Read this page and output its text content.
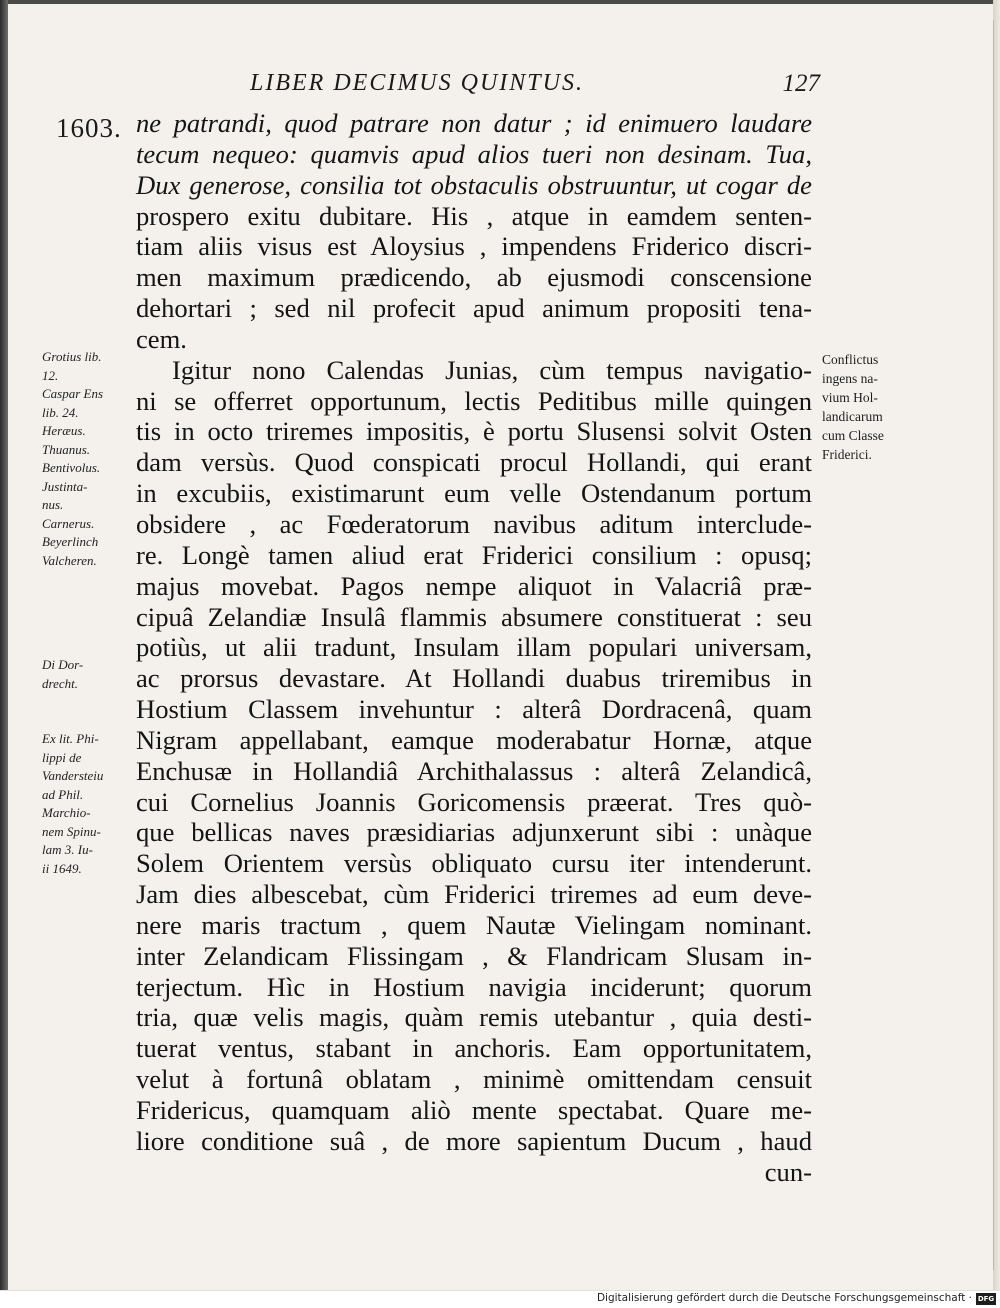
LIBER DECIMUS QUINTUS.	127
1603. ne patrandi, quod patrare non datur ; id enimuero laudare
tecum nequeo: quamvis apud alios tueri non desinam. Tua,
Dux generose, consilia tot obstaculis obstruuntur, ut cogar de
prospero exitu dubitare. His , atque in eamdem senten-
tiam aliis visus est Aloysius , impendens Friderico discri-
men maximum prædicendo, ab ejusmodi conscensione
dehortari ; sed nil profecit apud animum propositi tena-
cem.
Igitur nono Calendas Junias, cùm tempus navigatio-
ni se offerret opportunum, lectis Peditibus mille quingen
tis in octo triremes impositis, è portu Slusensi solvit Osten
dam versùs. Quod conspicati procul Hollandi, qui erant
in excubiis, existimarunt eum velle Ostendanum portum
obsidere , ac Fœderatorum navibus aditum interclude-
re. Longè tamen aliud erat Friderici consilium : opusq;
majus movebat. Pagos nempe aliquot in Valacriâ præ-
cipuâ Zelandiæ Insulâ flammis absumere constituerat : seu
potiùs, ut alii tradunt, Insulam illam populari universam,
ac prorsus devastare. At Hollandi duabus triremibus in
Hostium Classem invehuntur : alterâ Dordracenâ, quam
Nigram appellabant, eamque moderabatur Hornæ, atque
Enchusæ in Hollandiâ Archithalassus : alterâ Zelandicâ,
cui Cornelius Joannis Goricomensis præerat. Tres quò-
que bellicas naves præsidiarias adjunxerunt sibi : unàque
Solem Orientem versùs obliquato cursu iter intenderunt.
Jam dies albescebat, cùm Friderici triremes ad eum deve-
nere maris tractum , quem Nautæ Vielingam nominant.
inter Zelandicam Flissingam , & Flandricam Slusam in-
terjectum. Hìc in Hostium navigia inciderunt; quorum
tria, quæ velis magis, quàm remis utebantur , quia desti-
tuerat ventus, stabant in anchoris. Eam opportunitatem,
velut à fortunâ oblatam , minimè omittendam censuit
Fridericus, quamquam aliò mente spectabat. Quare me-
liore conditione suâ , de more sapientum Ducum , haud
cun-
Grotius lib.
12.
Caspar Ens
lib. 24.
Heræus.
Thuanus.
Bentivolus.
Justinta-
nus.
Carnerus.
Beyerlinch
Valcheren.
Di Dor-
drecht.
Ex lit. Phi-
lippi de
Vandersteiu
ad Phil.
Marchio-
nem Spinu-
lam 3. Iu-
ii 1649.
Conflictus
ingens na-
vium Hol-
landicarum
cum Classe
Friderici.
Digitalisierung gefördert durch die Deutsche Forschungsgemeinschaft · DFG
